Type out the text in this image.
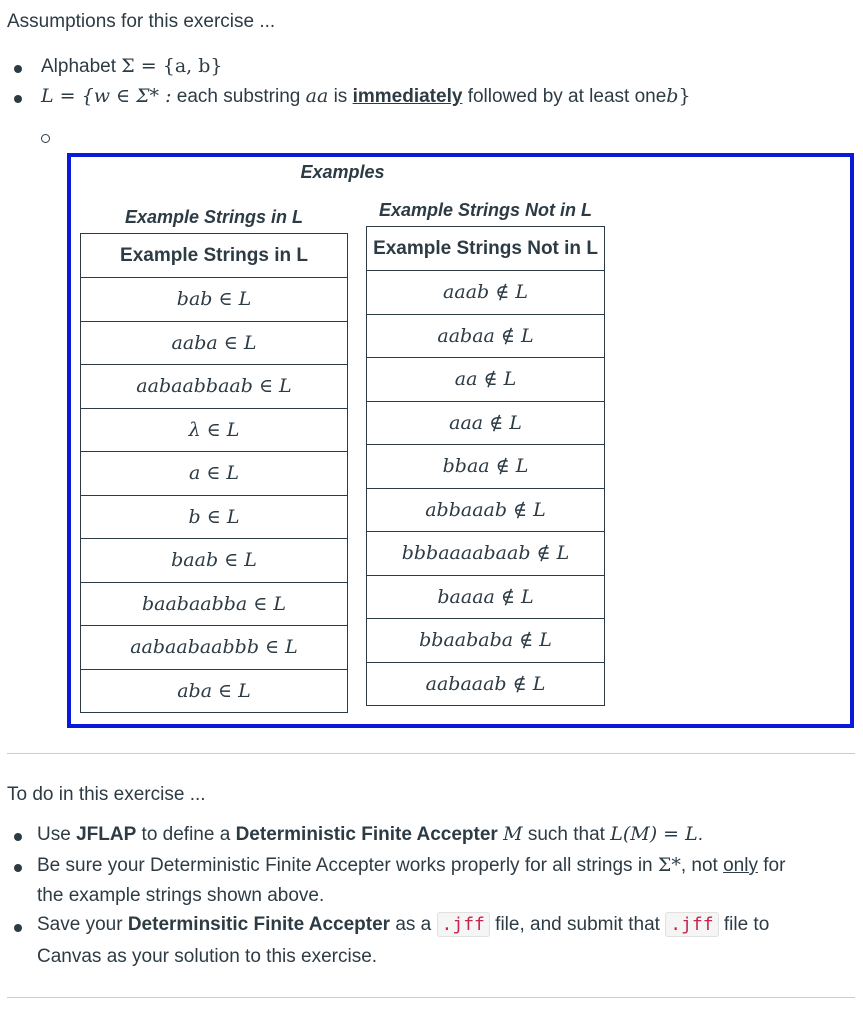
Assumptions for this exercise ...
Alphabet Σ = {a, b}
L = {w ∈ Σ* : each substring aa is immediately followed by at least oneb}
Examples
Example Strings in L	Example Strings Not in L
Example Strings in L
bab ∈ L
aaba ∈ L
aabaabbaab ∈ L
λ ∈ L
a ∈ L
b ∈ L
baab ∈ L
baabaabba ∈ L
aabaabaabbb ∈ L
aba ∈ L
Example Strings Not in L
aaab ∉ L
aabaa ∉ L
aa ∉ L
aaa ∉ L
bbaa ∉ L
abbaaab ∉ L
bbbaaaabaab ∉ L
baaaa ∉ L
bbaababa ∉ L
aabaaab ∉ L
To do in this exercise ...
Use JFLAP to define a Deterministic Finite Accepter M such that L(M) = L.
Be sure your Deterministic Finite Accepter works properly for all strings in Σ*, not only for
the example strings shown above.
Save your Determinsitic Finite Accepter as a .jff file, and submit that .jff file to
Canvas as your solution to this exercise.
